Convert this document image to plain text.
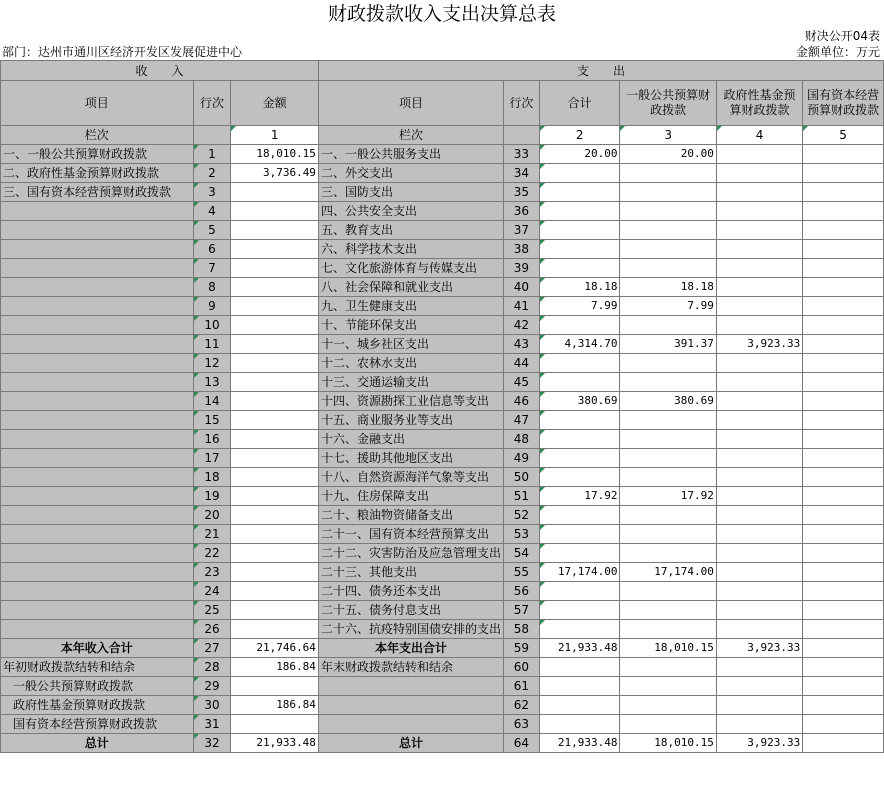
财政拨款收入支出决算总表
财决公开04表
部门：达州市通川区经济开发区发展促进中心	金额单位：万元
收　　入			支　　出					
项目	行次	金额	项目	行次	合计	一般公共预算财政拨款	政府性基金预算财政拨款	国有资本经营预算财政拨款
栏次		1	栏次		2	3	4	5
一、一般公共预算财政拨款	1	18,010.15	一、一般公共服务支出	33	20.00	20.00		
二、政府性基金预算财政拨款	2	3,736.49	二、外交支出	34				
三、国有资本经营预算财政拨款	3		三、国防支出	35				
	4		四、公共安全支出	36				
	5		五、教育支出	37				
	6		六、科学技术支出	38				
	7		七、文化旅游体育与传媒支出	39				
	8		八、社会保障和就业支出	40	18.18	18.18		
	9		九、卫生健康支出	41	7.99	7.99		
	10		十、节能环保支出	42				
	11		十一、城乡社区支出	43	4,314.70	391.37	3,923.33	
	12		十二、农林水支出	44				
	13		十三、交通运输支出	45				
	14		十四、资源勘探工业信息等支出	46	380.69	380.69		
	15		十五、商业服务业等支出	47				
	16		十六、金融支出	48				
	17		十七、援助其他地区支出	49				
	18		十八、自然资源海洋气象等支出	50				
	19		十九、住房保障支出	51	17.92	17.92		
	20		二十、粮油物资储备支出	52				
	21		二十一、国有资本经营预算支出	53				
	22		二十二、灾害防治及应急管理支出	54				
	23		二十三、其他支出	55	17,174.00	17,174.00		
	24		二十四、债务还本支出	56				
	25		二十五、债务付息支出	57				
	26		二十六、抗疫特别国债安排的支出	58				
本年收入合计	27	21,746.64	本年支出合计	59	21,933.48	18,010.15	3,923.33	
年初财政拨款结转和结余	28	186.84	年末财政拨款结转和结余	60				
一般公共预算财政拨款	29			61				
政府性基金预算财政拨款	30	186.84		62				
国有资本经营预算财政拨款	31			63				
总计	32	21,933.48	总计	64	21,933.48	18,010.15	3,923.33	
